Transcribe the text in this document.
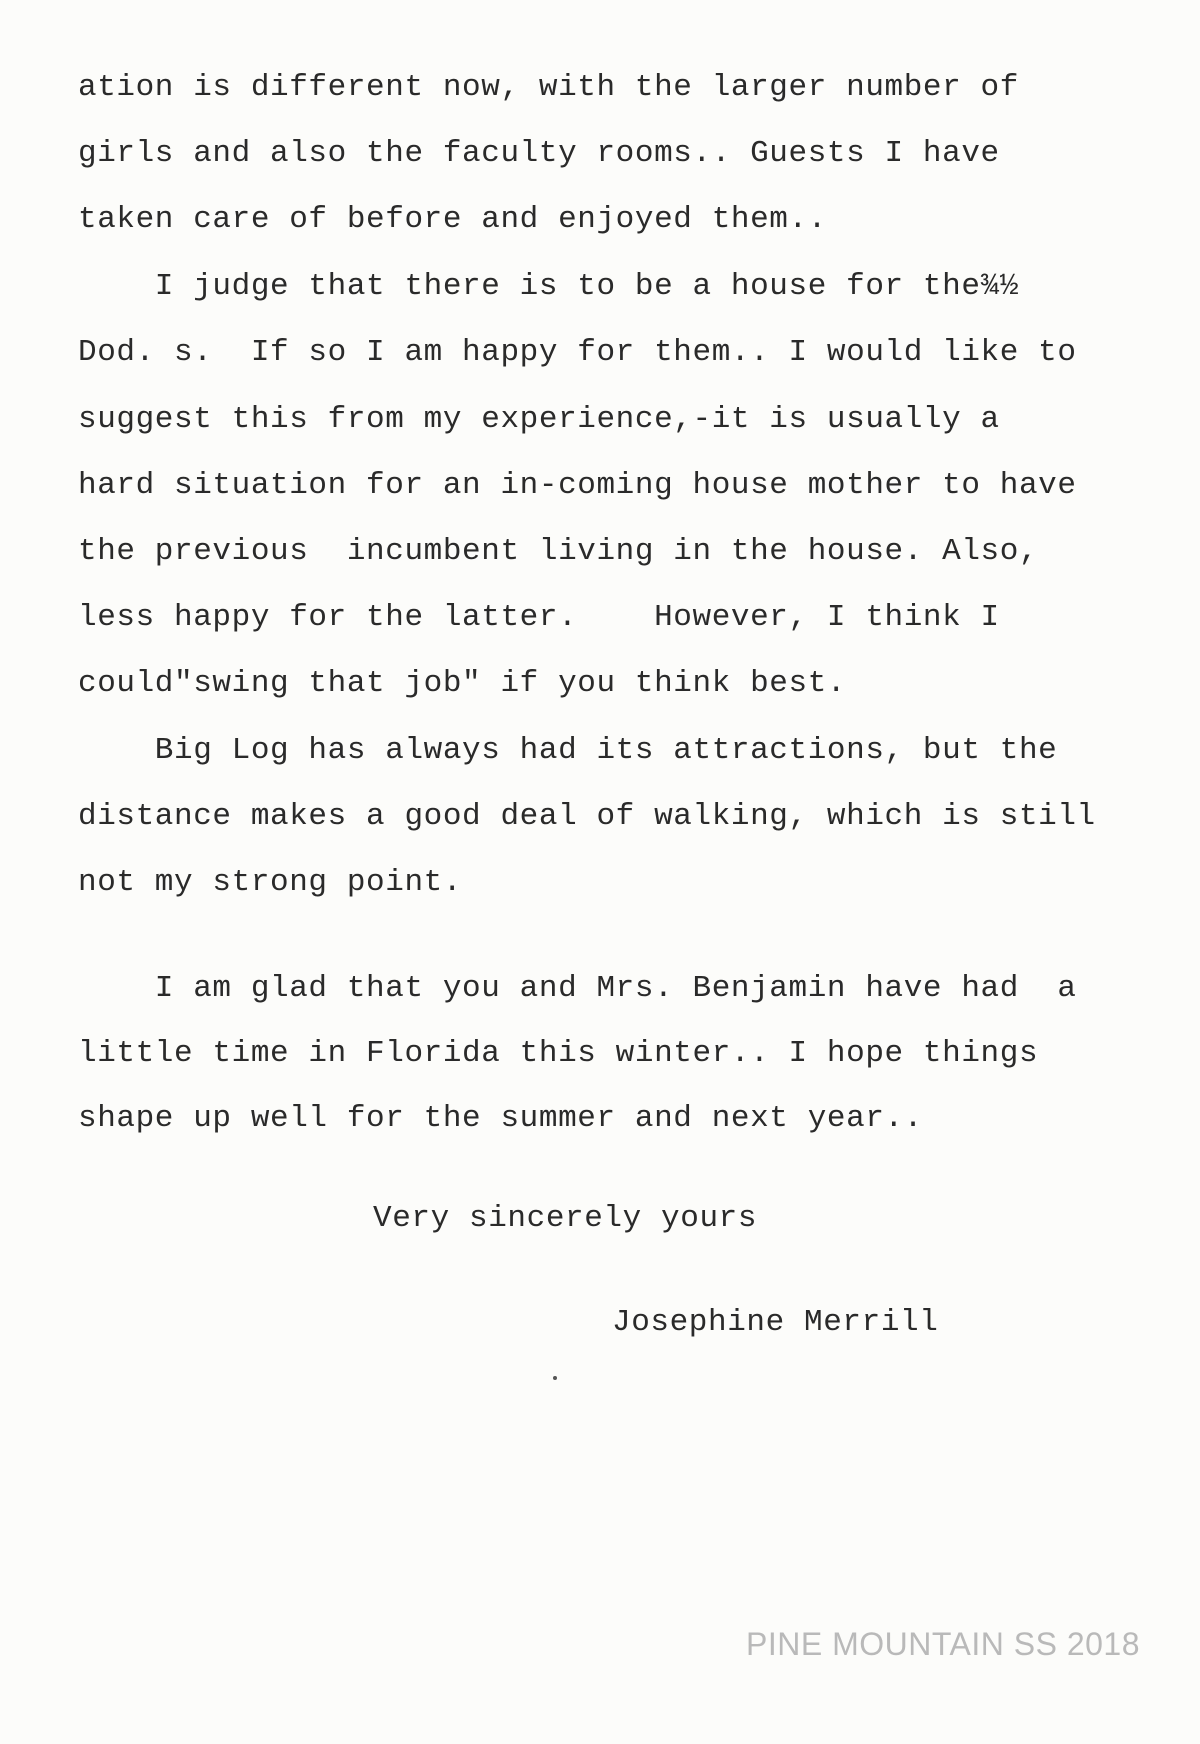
ation is different now, with the larger number of

girls and also the faculty rooms.. Guests I have

taken care of before and enjoyed them..

I judge that there is to be a house for the¾½

Dod. s.  If so I am happy for them.. I would like to

suggest this from my experience,-it is usually a

hard situation for an in-coming house mother to have

the previous  incumbent living in the house. Also,

less happy for the latter.    However, I think I

could"swing that job" if you think best.

Big Log has always had its attractions, but the

distance makes a good deal of walking, which is still

not my strong point.

I am glad that you and Mrs. Benjamin have had  a

little time in Florida this winter.. I hope things

shape up well for the summer and next year..

Very sincerely yours
Josephine Merrill
PINE MOUNTAIN SS 2018
